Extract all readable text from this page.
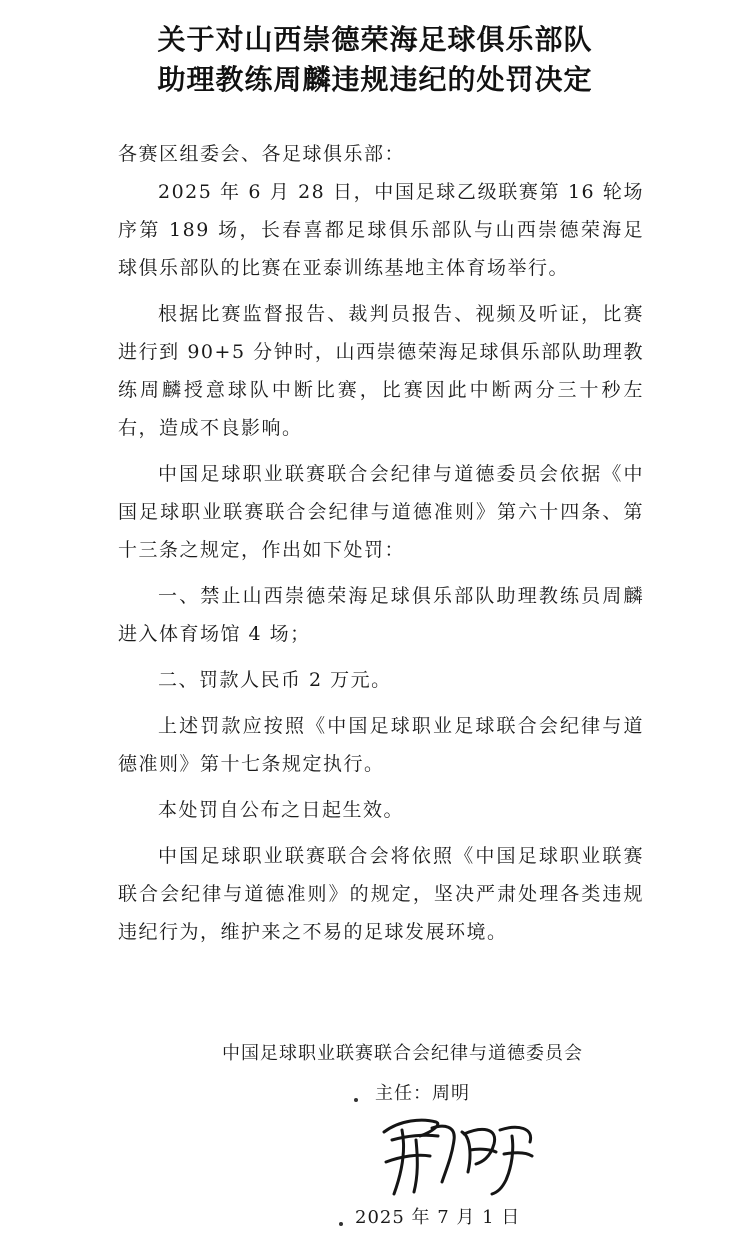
关于对山西崇德荣海足球俱乐部队
助理教练周麟违规违纪的处罚决定
各赛区组委会、各足球俱乐部：

2025 年 6 月 28 日，中国足球乙级联赛第 16 轮场序第 189 场，长春喜都足球俱乐部队与山西崇德荣海足球俱乐部队的比赛在亚泰训练基地主体育场举行。

根据比赛监督报告、裁判员报告、视频及听证，比赛进行到 90+5 分钟时，山西崇德荣海足球俱乐部队助理教练周麟授意球队中断比赛，比赛因此中断两分三十秒左右，造成不良影响。

中国足球职业联赛联合会纪律与道德委员会依据《中国足球职业联赛联合会纪律与道德准则》第六十四条、第十三条之规定，作出如下处罚：

一、禁止山西崇德荣海足球俱乐部队助理教练员周麟进入体育场馆 4 场；

二、罚款人民币 2 万元。

上述罚款应按照《中国足球职业足球联合会纪律与道德准则》第十七条规定执行。

本处罚自公布之日起生效。

中国足球职业联赛联合会将依照《中国足球职业联赛联合会纪律与道德准则》的规定，坚决严肃处理各类违规违纪行为，维护来之不易的足球发展环境。

中国足球职业联赛联合会纪律与道德委员会
主任：周明
2025 年 7 月 1 日
